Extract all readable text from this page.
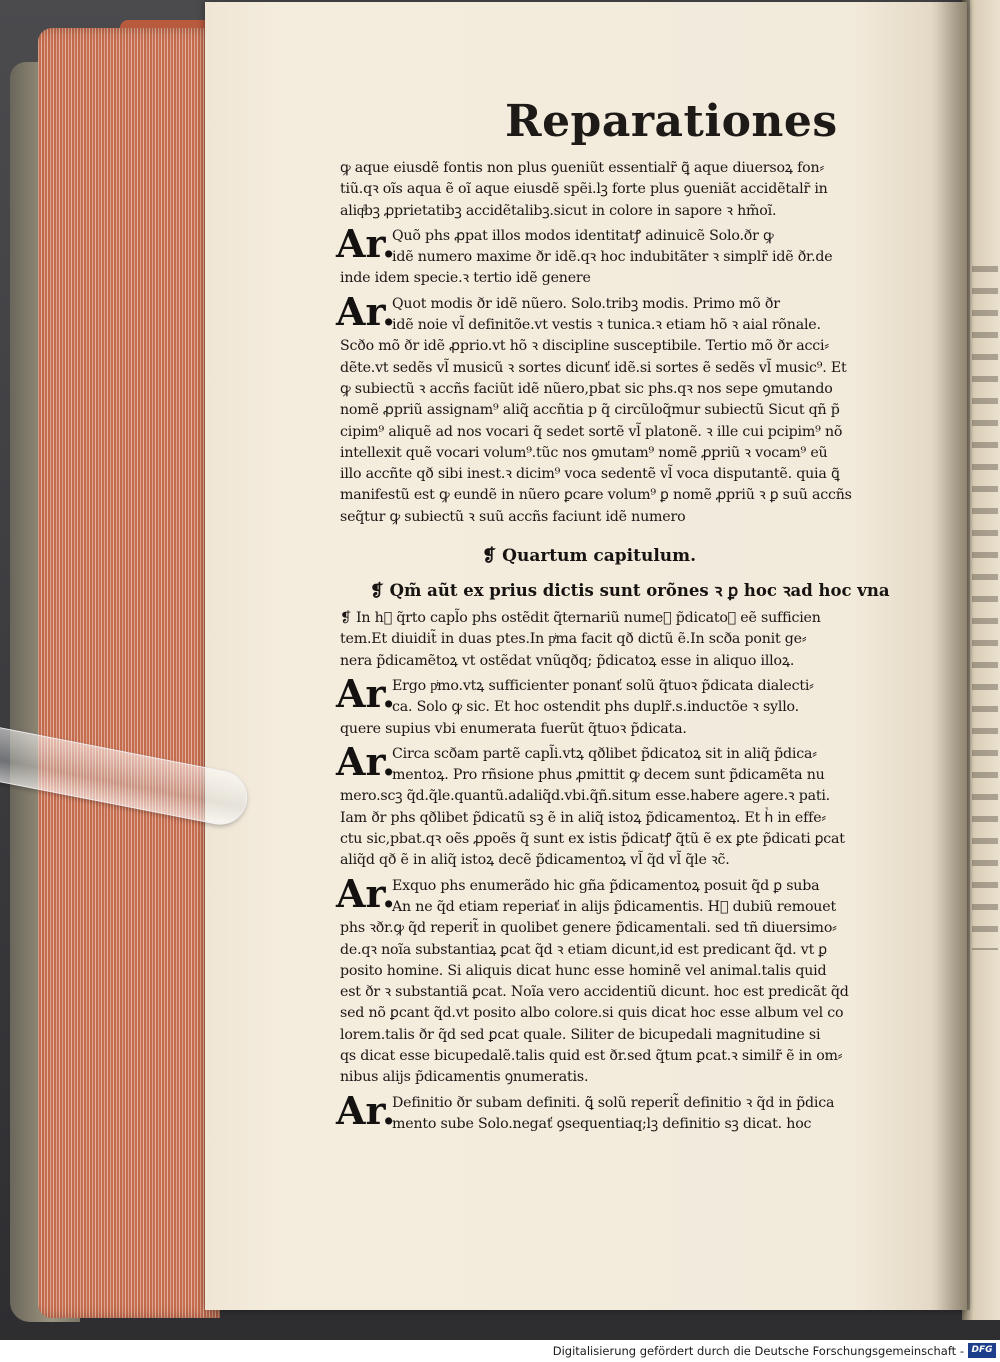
Reparationes
ꝙ aque eiusdẽ fontis non plus ꝯueniũt essentialr̃ ꝗ̃ aque diuersoꝝ fon⸗
tiũ.qꝛ oĩs aqua ẽ oĩ aque eiusdẽ spẽi.lꝫ forte plus ꝯueniãt accidẽtalr̃ in
aliqͥbꝫ ꝓprietatibꝫ accidẽtalibꝫ.sicut in colore in sapore ꝛ hm̃oĩ.
Ar.
Quõ phs ꝓpat illos modos identitatꝭ adinuicẽ Solo.ðr ꝙ
idẽ numero maxime ðr idẽ.qꝛ hoc indubitãter ꝛ simplr̃ idẽ ðr.de
inde idem specie.ꝛ tertio idẽ genere
Ar.
Quot modis ðr idẽ nũero. Solo.tribꝫ modis. Primo mõ ðr
idẽ noie vl̃ definitõe.vt vestis ꝛ tunica.ꝛ etiam hõ ꝛ aial rõnale.
Scðo mõ ðr idẽ ꝓprio.vt hõ ꝛ discipline susceptibile. Tertio mõ ðr acci⸗
dẽte.vt sedẽs vl̃ musicũ ꝛ sortes dicunť idẽ.si sortes ẽ sedẽs vl̃ music⁹. Et
ꝙ subiectũ ꝛ accñs faciũt idẽ nũero,pbat sic phs.qꝛ nos sepe ꝯmutando
nomẽ ꝓpriũ assignam⁹ aliq̃ accñtia p q̃ circũloq̃mur subiectũ Sicut qñ p̃
cipim⁹ aliquẽ ad nos vocari q̃ sedet sortẽ vl̃ platonẽ. ꝛ ille cui pcipim⁹ nõ
intellexit quẽ vocari volum⁹.tũc nos ꝯmutam⁹ nomẽ ꝓpriũ ꝛ vocam⁹ eũ
illo accñte qð sibi inest.ꝛ dicim⁹ voca sedentẽ vl̃ voca disputantẽ. quia ꝗ̃
manifestũ est ꝙ eundẽ in nũero ꝑcare volum⁹ ꝑ nomẽ ꝓpriũ ꝛ ꝑ suũ accñs
seq̃tur ꝙ subiectũ ꝛ suũ accñs faciunt idẽ numero
❡ Quartum capitulum.
❡ Qm̃ aũt ex prius dictis sunt orõnes ꝛ ꝑ hoc ꝛad hoc vna
❡ In hᷣ q̃rto capl̃o phs ostẽdit q̃ternariũ numeꝝ p̃dicatoꝝ eẽ sufficien
tem.Et diuidit̃ in duas ptes.In pͥma facit qð dictũ ẽ.In scða ponit ge⸗
nera p̃dicamẽtoꝝ vt ostẽdat vnũqðq; p̃dicatoꝝ esse in aliquo illoꝝ.
Ar.
Ergo pͥmo.vtꝝ sufficienter ponanť solũ q̃tuoꝛ p̃dicata dialecti⸗
ca. Solo ꝙ sic. Et hoc ostendit phs duplr̃.s.inductõe ꝛ syllo.
quere supius vbi enumerata fuerũt q̃tuoꝛ p̃dicata.
Ar.
Circa scðam partẽ capl̃i.vtꝝ qðlibet p̃dicatoꝝ sit in aliq̃ p̃dica⸗
mentoꝝ. Pro rñsione phus ꝓmittit ꝙ decem sunt p̃dicamẽta nu
mero.scꝫ q̃d.q̃le.quantũ.adaliq̃d.vbi.q̃ñ.situm esse.habere agere.ꝛ pati.
Iam ðr phs qðlibet p̃dicatũ sꝫ ẽ in aliq̃ istoꝝ p̃dicamentoꝝ. Et hᷣ in effe⸗
ctu sic,pbat.qꝛ oẽs ꝓpoẽs q̃ sunt ex istis p̃dicatꝭ q̃tũ ẽ ex ꝑte p̃dicati ꝑcat
aliq̃d qð ẽ in aliq̃ istoꝝ decẽ p̃dicamentoꝝ vl̃ q̃d vl̃ q̃le ꝛc̃.
Ar.
Exquo phs enumerãdo hic gña p̃dicamentoꝝ posuit q̃d ꝑ suba
An ne q̃d etiam reperiať in alijs p̃dicamentis. Hᷣ dubiũ remouet
phs ꝛðr.ꝙ q̃d reperit̃ in quolibet genere p̃dicamentali. sed tñ diuersimo⸗
de.qꝛ noĩa substantiaꝝ ꝑcat q̃d ꝛ etiam dicunt,id est predicant q̃d. vt ꝑ
posito homine. Si aliquis dicat hunc esse hominẽ vel animal.talis quid
est ðr ꝛ substantiã ꝑcat. Noĩa vero accidentiũ dicunt. hoc est predicãt q̃d
sed nõ ꝑcant q̃d.vt posito albo colore.si quis dicat hoc esse album vel co
lorem.talis ðr q̃d sed ꝑcat quale. Siliter de bicupedali magnitudine si
qs dicat esse bicupedalẽ.talis quid est ðr.sed q̃tum ꝑcat.ꝛ similr̃ ẽ in om⸗
nibus alijs p̃dicamentis ꝯnumeratis.
Ar.
Definitio ðr subam definiti. ꝗ̃ solũ reperit̃ definitio ꝛ q̃d in p̃dica
mento sube Solo.negať ꝯsequentiaq;lꝫ definitio sꝫ dicat. hoc
Digitalisierung gefördert durch die Deutsche Forschungsgemeinschaft - DFG
